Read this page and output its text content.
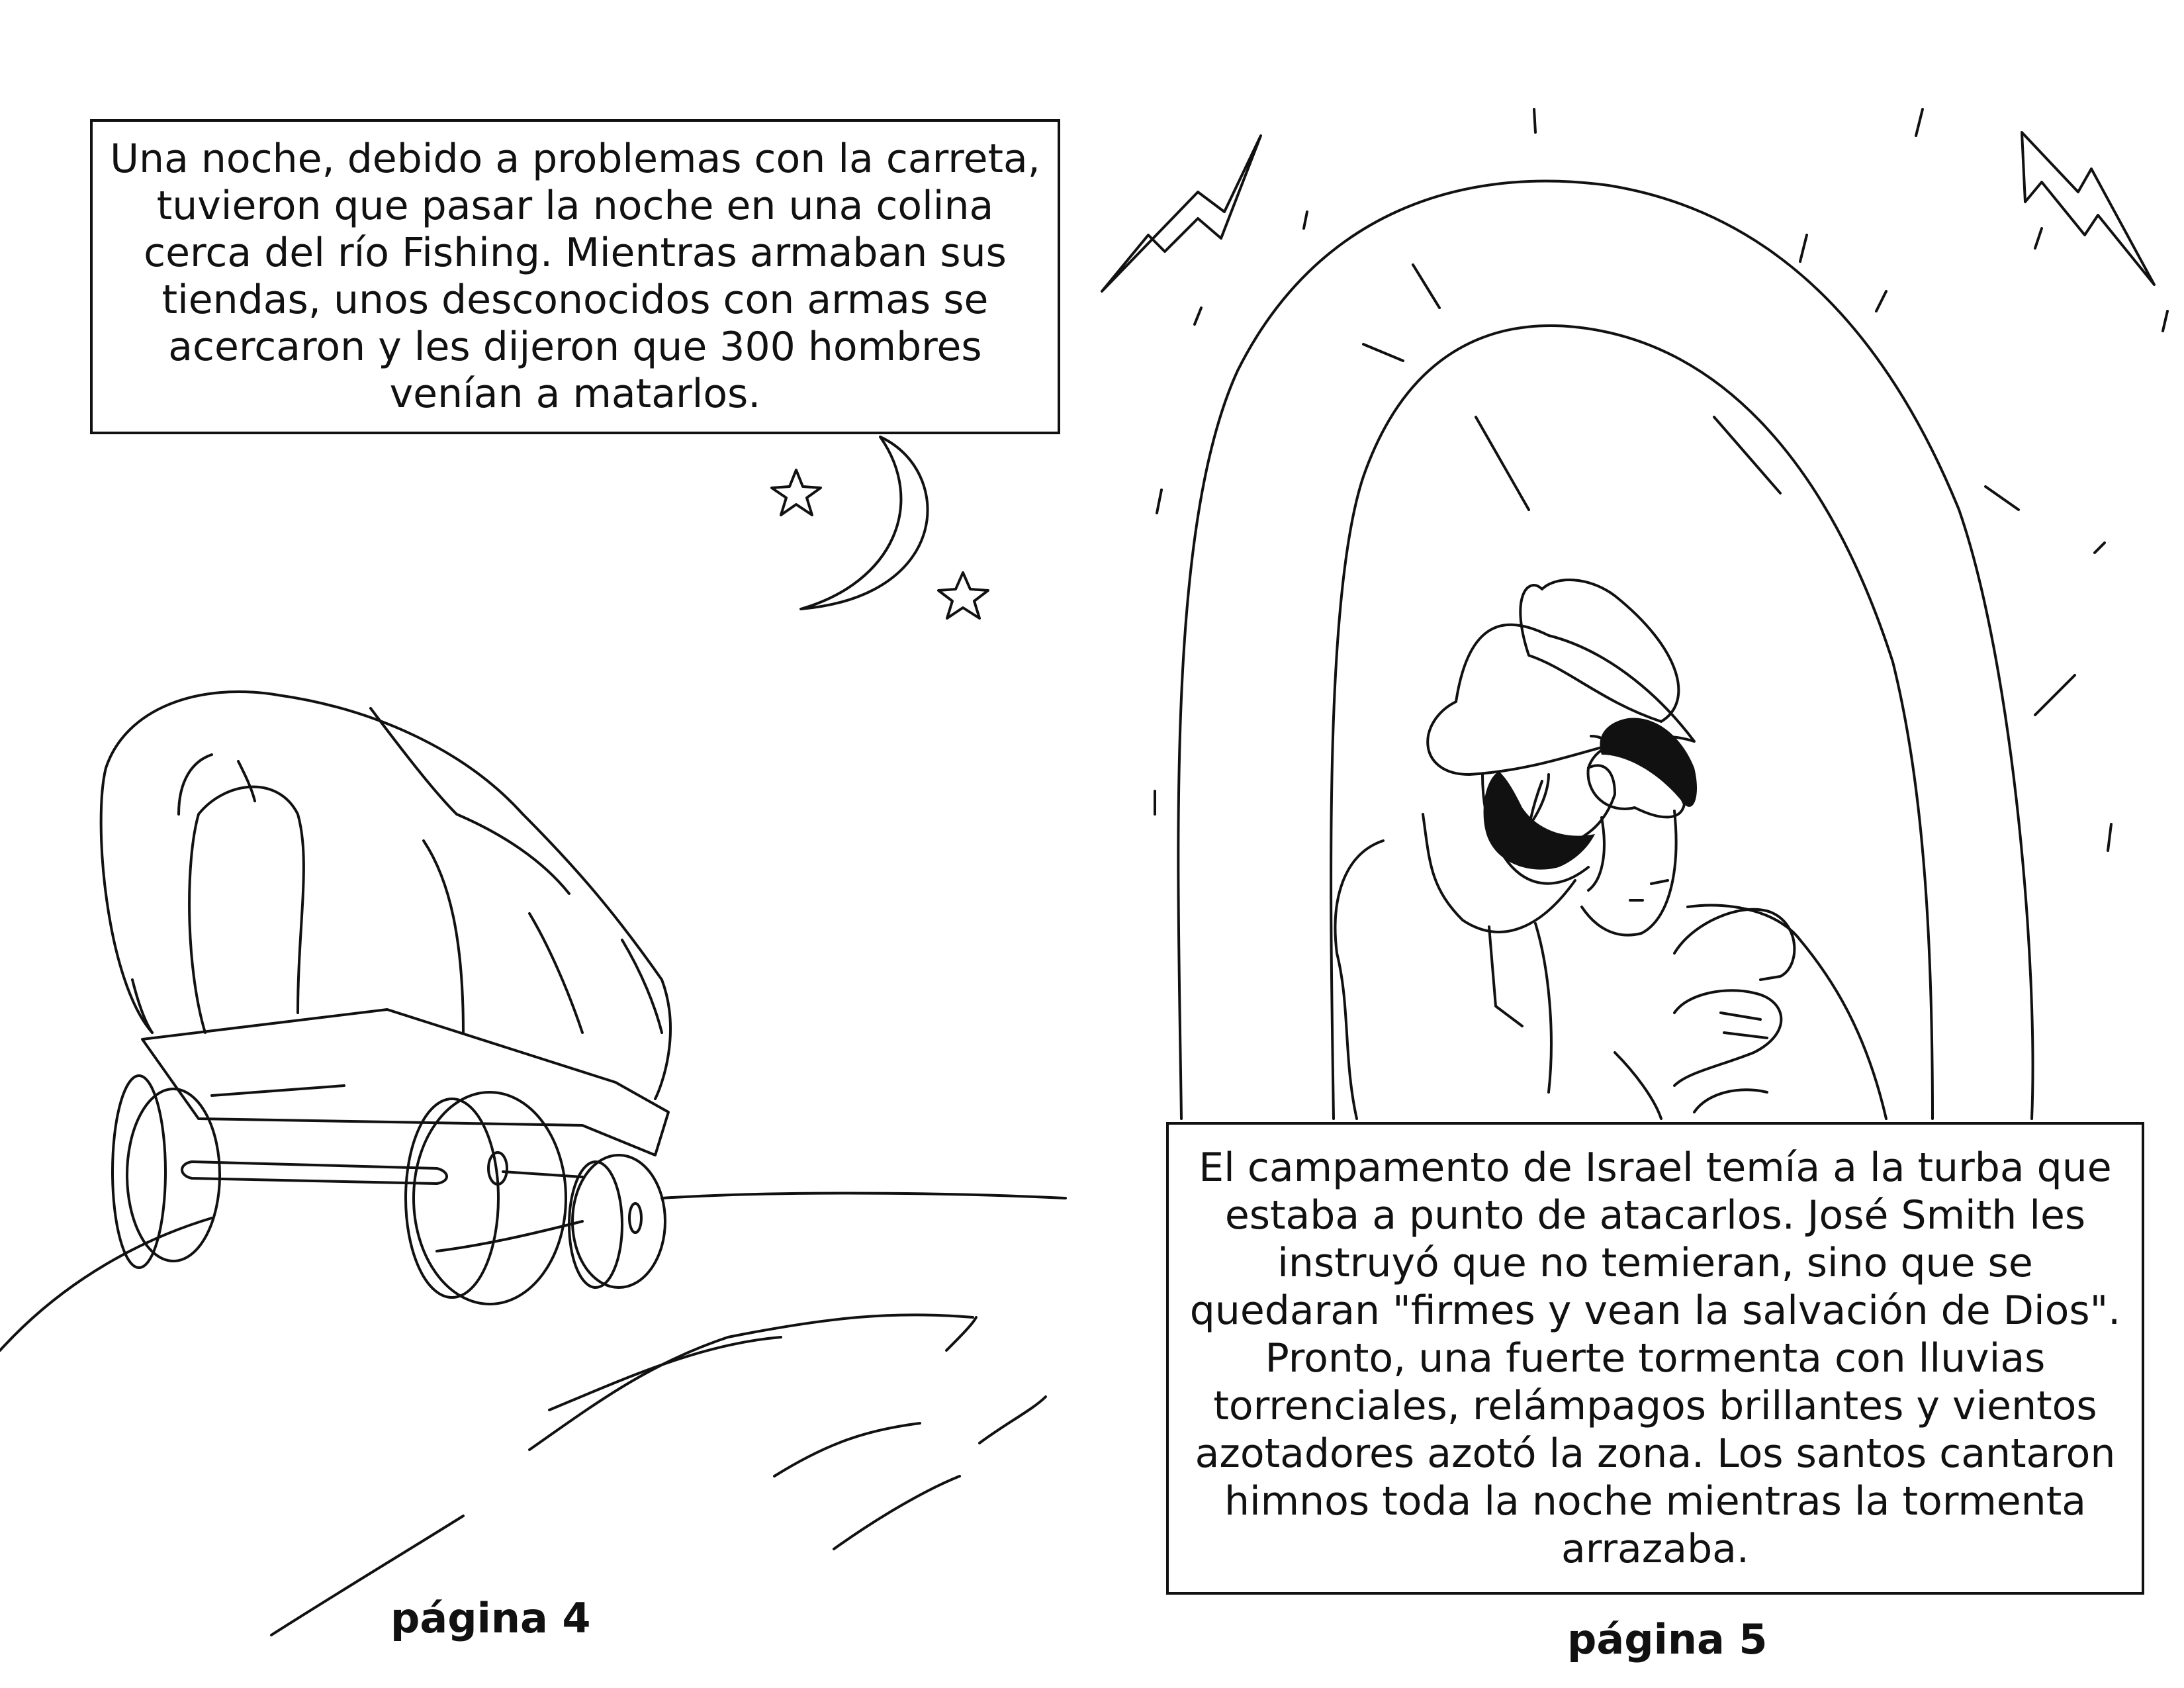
Una noche, debido a problemas con la carreta, tuvieron que pasar la noche en una colina cerca del río Fishing. Mientras armaban sus tiendas, unos desconocidos con armas se acercaron y les dijeron que 300 hombres venían a matarlos.
página 4
El campamento de Israel temía a la turba que estaba a punto de atacarlos. José Smith les instruyó que no temieran, sino que se quedaran "firmes y vean la salvación de Dios". Pronto, una fuerte tormenta con lluvias torrenciales, relámpagos brillantes y vientos azotadores azotó la zona. Los santos cantaron himnos toda la noche mientras la tormenta arrazaba.
página 5
